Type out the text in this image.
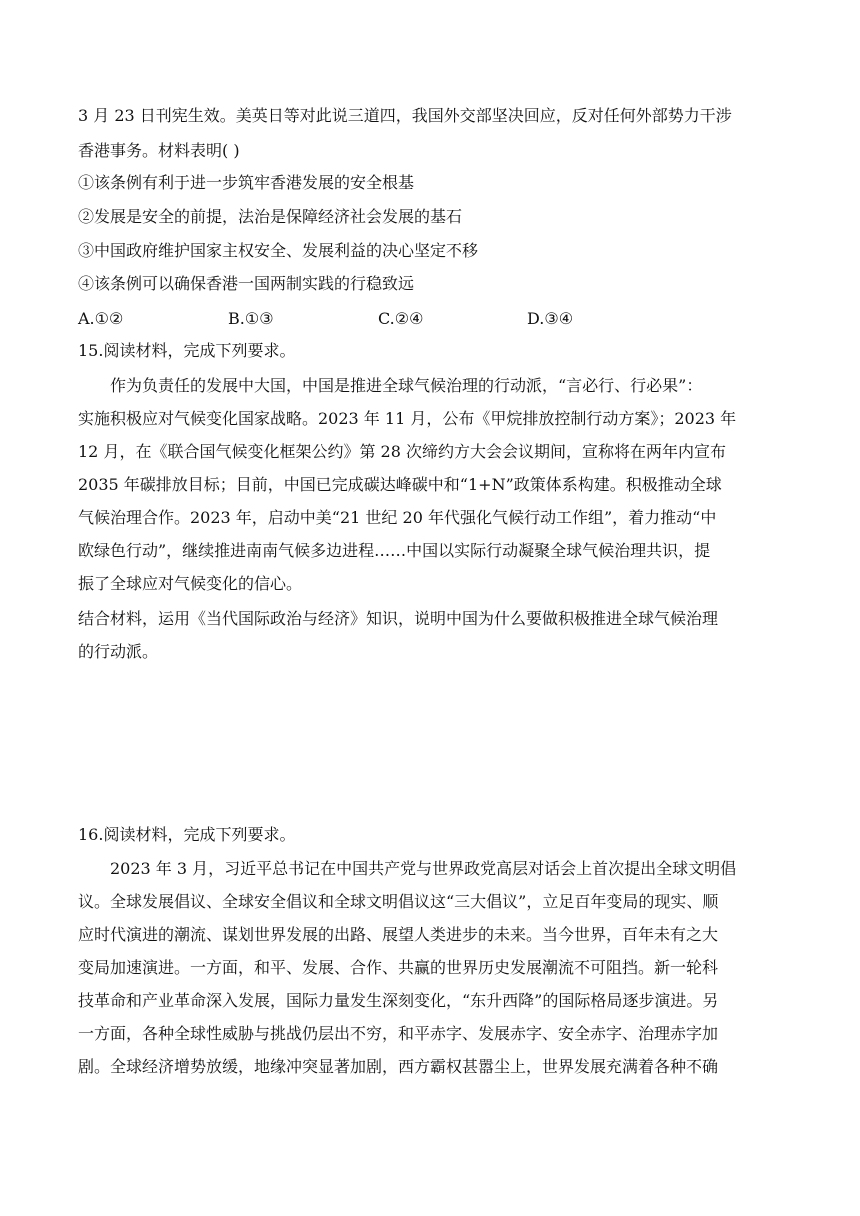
3 月 23 日刊宪生效。美英日等对此说三道四，我国外交部坚决回应，反对任何外部势力干涉
香港事务。材料表明( )
①该条例有利于进一步筑牢香港发展的安全根基
②发展是安全的前提，法治是保障经济社会发展的基石
③中国政府维护国家主权安全、发展利益的决心坚定不移
④该条例可以确保香港一国两制实践的行稳致远
A.①②	B.①③	C.②④	D.③④
15.阅读材料，完成下列要求。
作为负责任的发展中大国，中国是推进全球气候治理的行动派，“言必行、行必果”：
实施积极应对气候变化国家战略。2023 年 11 月，公布《甲烷排放控制行动方案》；2023 年
12 月，在《联合国气候变化框架公约》第 28 次缔约方大会会议期间，宣称将在两年内宣布
2035 年碳排放目标；目前，中国已完成碳达峰碳中和“1+N”政策体系构建。积极推动全球
气候治理合作。2023 年，启动中美“21 世纪 20 年代强化气候行动工作组”，着力推动“中
欧绿色行动”，继续推进南南气候多边进程……中国以实际行动凝聚全球气候治理共识，提
振了全球应对气候变化的信心。
结合材料，运用《当代国际政治与经济》知识，说明中国为什么要做积极推进全球气候治理
的行动派。
16.阅读材料，完成下列要求。
2023 年 3 月，习近平总书记在中国共产党与世界政党高层对话会上首次提出全球文明倡
议。全球发展倡议、全球安全倡议和全球文明倡议这“三大倡议”，立足百年变局的现实、顺
应时代演进的潮流、谋划世界发展的出路、展望人类进步的未来。当今世界，百年未有之大
变局加速演进。一方面，和平、发展、合作、共赢的世界历史发展潮流不可阻挡。新一轮科
技革命和产业革命深入发展，国际力量发生深刻变化，“东升西降”的国际格局逐步演进。另
一方面，各种全球性威胁与挑战仍层出不穷，和平赤字、发展赤字、安全赤字、治理赤字加
剧。全球经济增势放缓，地缘冲突显著加剧，西方霸权甚嚣尘上，世界发展充满着各种不确
